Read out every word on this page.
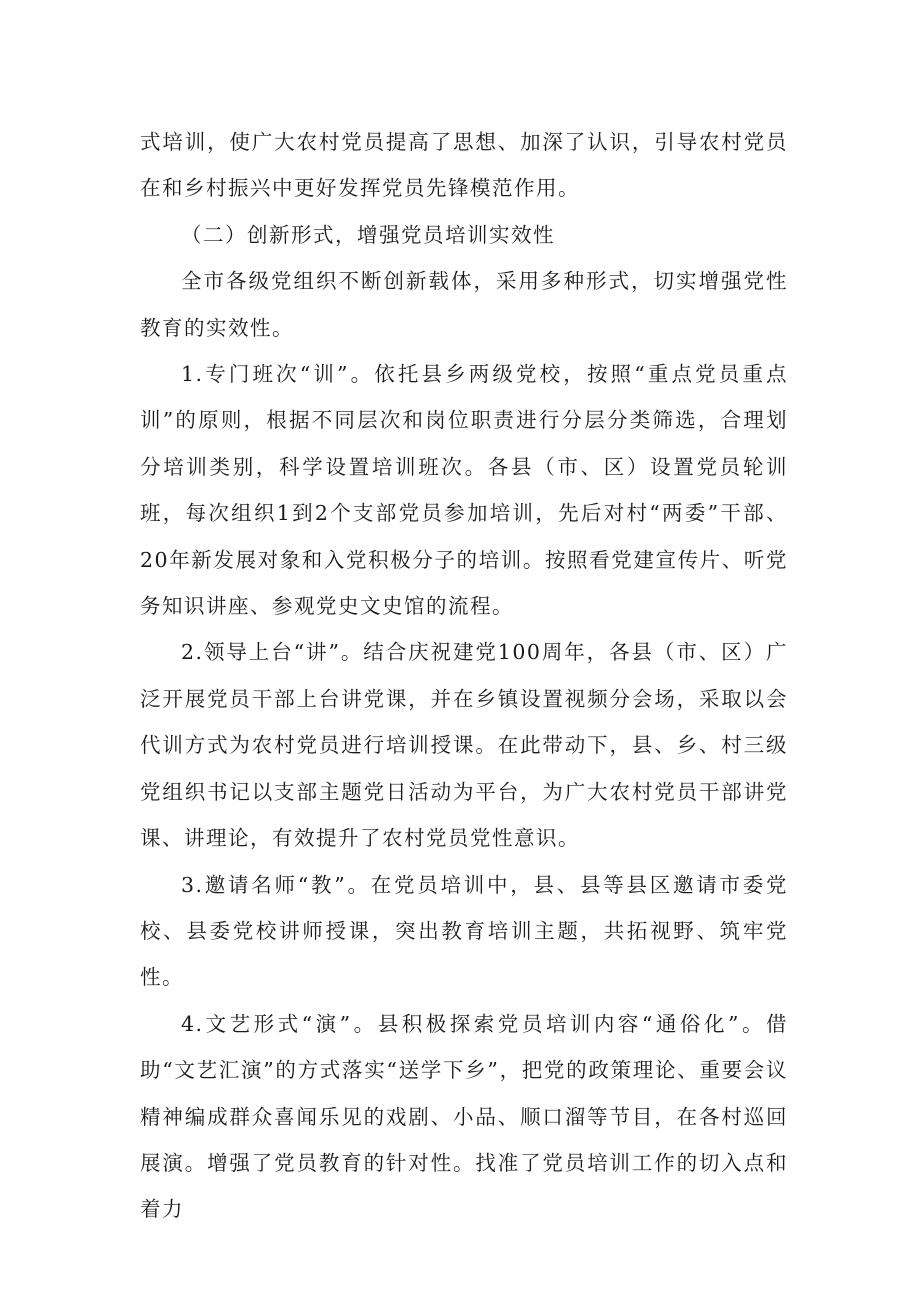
式培训，使广大农村党员提高了思想、加深了认识，引导农村党员在和乡村振兴中更好发挥党员先锋模范作用。

（二）创新形式，增强党员培训实效性

全市各级党组织不断创新载体，采用多种形式，切实增强党性教育的实效性。

1.专门班次“训”。依托县乡两级党校，按照“重点党员重点训”的原则，根据不同层次和岗位职责进行分层分类筛选，合理划分培训类别，科学设置培训班次。各县（市、区）设置党员轮训班，每次组织1到2个支部党员参加培训，先后对村“两委”干部、20年新发展对象和入党积极分子的培训。按照看党建宣传片、听党务知识讲座、参观党史文史馆的流程。

2.领导上台“讲”。结合庆祝建党100周年，各县（市、区）广泛开展党员干部上台讲党课，并在乡镇设置视频分会场，采取以会代训方式为农村党员进行培训授课。在此带动下，县、乡、村三级党组织书记以支部主题党日活动为平台，为广大农村党员干部讲党课、讲理论，有效提升了农村党员党性意识。

3.邀请名师“教”。在党员培训中，县、县等县区邀请市委党校、县委党校讲师授课，突出教育培训主题，共拓视野、筑牢党性。

4.文艺形式“演”。县积极探索党员培训内容“通俗化”。借助“文艺汇演”的方式落实“送学下乡”，把党的政策理论、重要会议精神编成群众喜闻乐见的戏剧、小品、顺口溜等节目，在各村巡回展演。增强了党员教育的针对性。找准了党员培训工作的切入点和着力
